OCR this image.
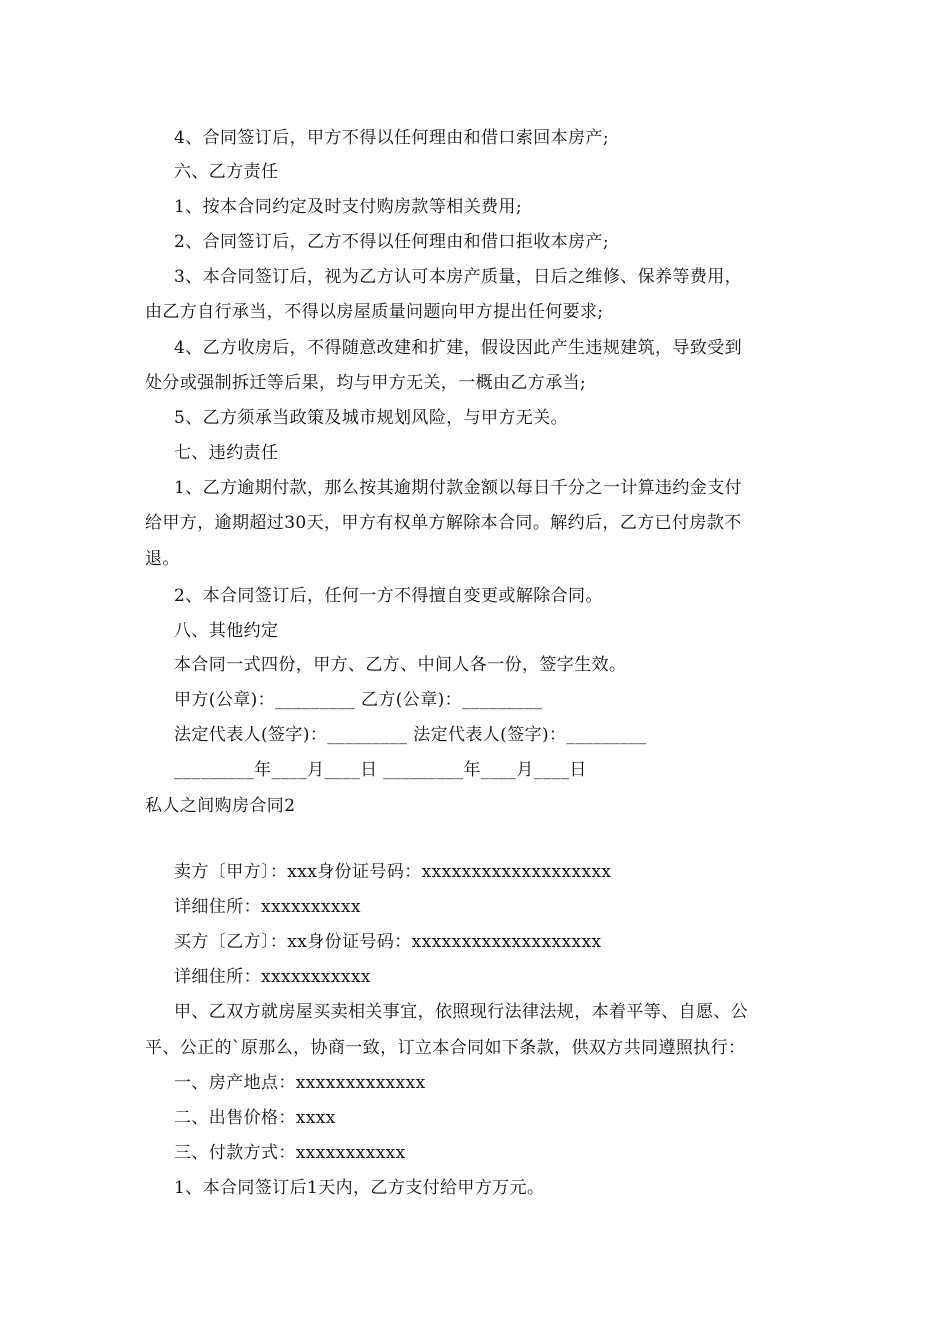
4、合同签订后，甲方不得以任何理由和借口索回本房产;
六、乙方责任
1、按本合同约定及时支付购房款等相关费用;
2、合同签订后，乙方不得以任何理由和借口拒收本房产;
3、本合同签订后，视为乙方认可本房产质量，日后之维修、保养等费用，
由乙方自行承当，不得以房屋质量问题向甲方提出任何要求;
4、乙方收房后，不得随意改建和扩建，假设因此产生违规建筑，导致受到
处分或强制拆迁等后果，均与甲方无关，一概由乙方承当;
5、乙方须承当政策及城市规划风险，与甲方无关。
七、违约责任
1、乙方逾期付款，那么按其逾期付款金额以每日千分之一计算违约金支付
给甲方，逾期超过30天，甲方有权单方解除本合同。解约后，乙方已付房款不
退。
2、本合同签订后，任何一方不得擅自变更或解除合同。
八、其他约定
本合同一式四份，甲方、乙方、中间人各一份，签字生效。
甲方(公章)：_________ 乙方(公章)：_________
法定代表人(签字)：_________ 法定代表人(签字)：_________
_________年____月____日 _________年____月____日
私人之间购房合同2
卖方〔甲方〕：xxx身份证号码：xxxxxxxxxxxxxxxxxxx
详细住所：xxxxxxxxxx
买方〔乙方〕：xx身份证号码：xxxxxxxxxxxxxxxxxxx
详细住所：xxxxxxxxxxx
甲、乙双方就房屋买卖相关事宜，依照现行法律法规，本着平等、自愿、公
平、公正的`原那么，协商一致，订立本合同如下条款，供双方共同遵照执行：
一、房产地点：xxxxxxxxxxxxx
二、出售价格：xxxx
三、付款方式：xxxxxxxxxxx
1、本合同签订后1天内，乙方支付给甲方万元。
